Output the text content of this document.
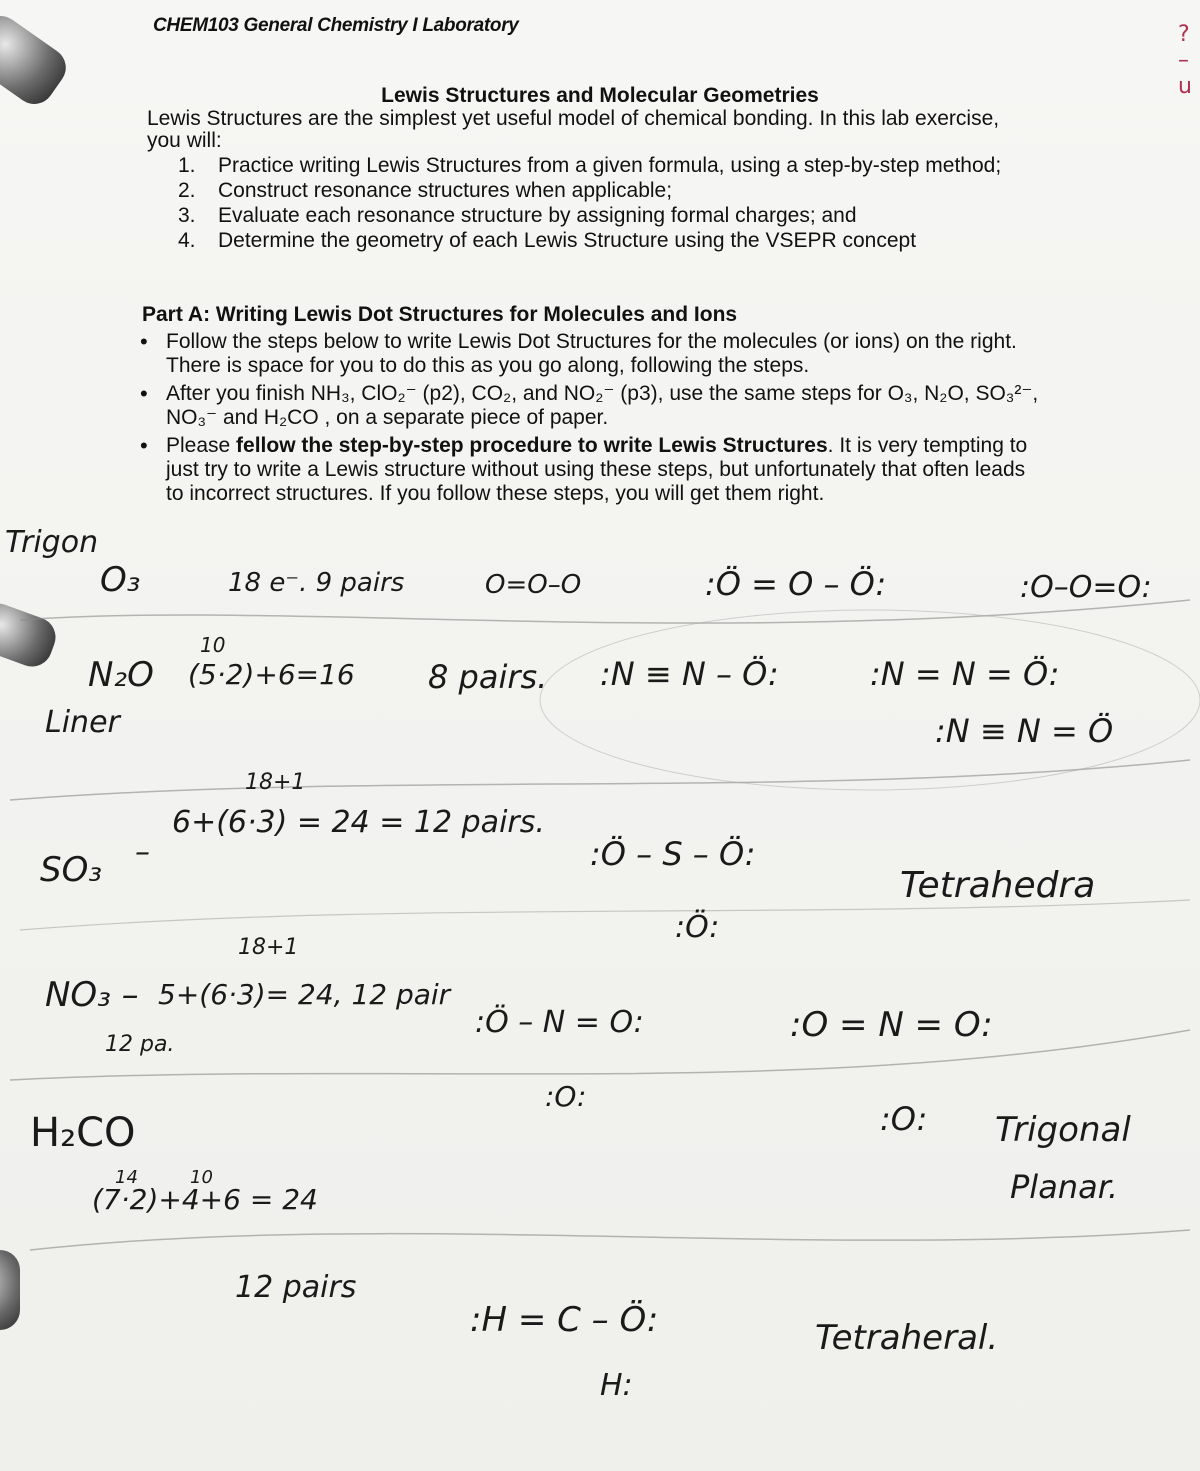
CHEM103 General Chemistry I Laboratory
Lewis Structures and Molecular Geometries
Lewis Structures are the simplest yet useful model of chemical bonding. In this lab exercise, you will:
1. Practice writing Lewis Structures from a given formula, using a step-by-step method;
2. Construct resonance structures when applicable;
3. Evaluate each resonance structure by assigning formal charges; and
4. Determine the geometry of each Lewis Structure using the VSEPR concept
Part A: Writing Lewis Dot Structures for Molecules and Ions
• Follow the steps below to write Lewis Dot Structures for the molecules (or ions) on the right. There is space for you to do this as you go along, following the steps.
• After you finish NH₃, ClO₂⁻ (p2), CO₂, and NO₂⁻ (p3), use the same steps for O₃, N₂O, SO₃²⁻, NO₃⁻ and H₂CO , on a separate piece of paper.
• Please fellow the step-by-step procedure to write Lewis Structures. It is very tempting to just try to write a Lewis structure without using these steps, but unfortunately that often leads to incorrect structures. If you follow these steps, you will get them right.
Trigon
O₃	18 e⁻. 9 pairs	O=O–O	:Ö = O – Ö:	:O–O=O:
10
N₂O
Liner
(5·2)+6=16 8 pairs. :N ≡ N – Ö:	:N = N = Ö:
:N ≡ N = Ö
18+1
6+(6·3) = 24 = 12 pairs.
SO₃ –	:Ö – S – Ö:
:Ö:
Tetrahedra
18+1
NO₃ – 5+(6·3)= 24, 12 pair
12 pa.
:Ö – N = O:
:O:
:O = N = O:
:O: Trigonal
Planar.
H₂CO
14	10
(7·2)+4+6 = 24
12 pairs
:H = C – Ö:
H:
Tetraheral.
?
–
u
